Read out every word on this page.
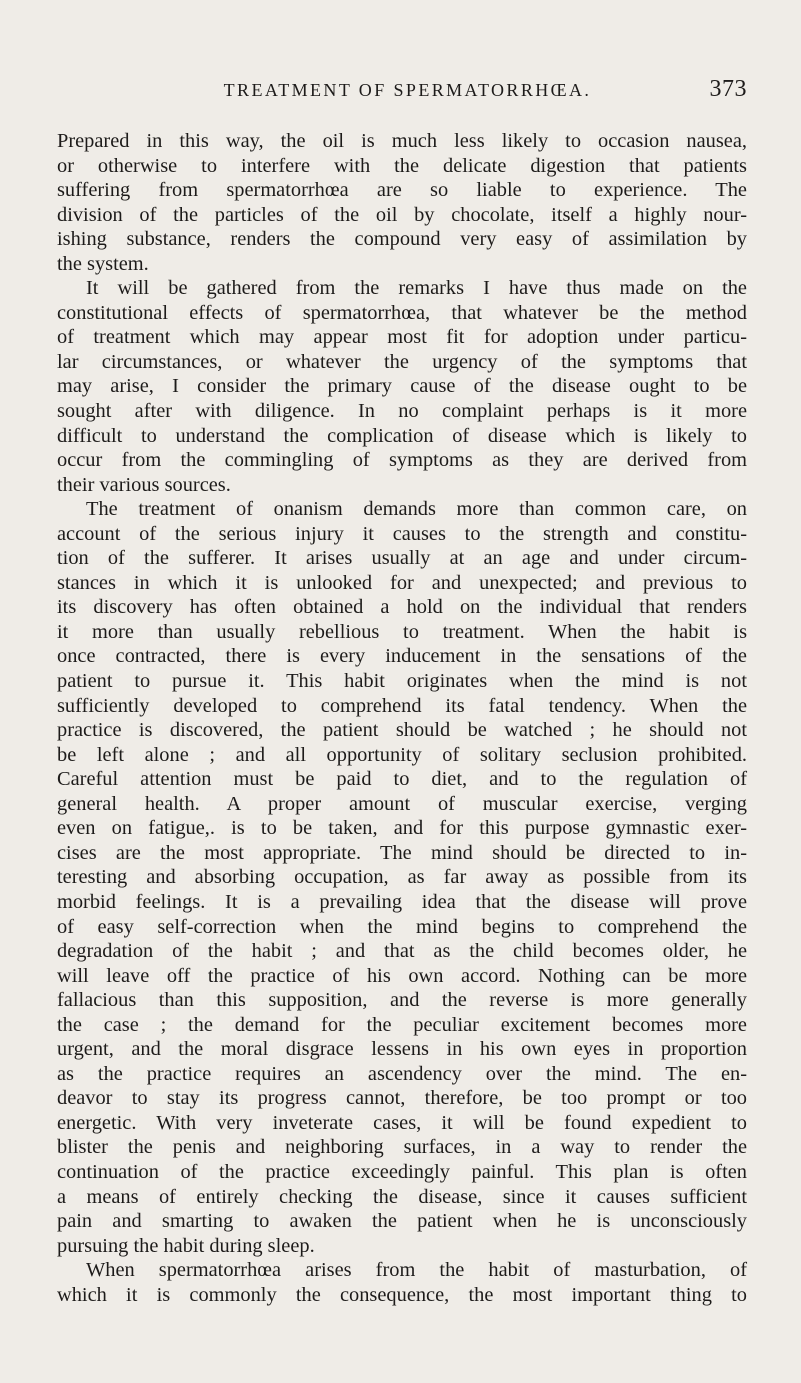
TREATMENT OF SPERMATORRHŒA.	373
Prepared in this way, the oil is much less likely to occasion nausea,
or otherwise to interfere with the delicate digestion that patients
suffering from spermatorrhœa are so liable to experience. The
division of the particles of the oil by chocolate, itself a highly nour-
ishing substance, renders the compound very easy of assimilation by
the system.
It will be gathered from the remarks I have thus made on the
constitutional effects of spermatorrhœa, that whatever be the method
of treatment which may appear most fit for adoption under particu-
lar circumstances, or whatever the urgency of the symptoms that
may arise, I consider the primary cause of the disease ought to be
sought after with diligence. In no complaint perhaps is it more
difficult to understand the complication of disease which is likely to
occur from the commingling of symptoms as they are derived from
their various sources.
The treatment of onanism demands more than common care, on
account of the serious injury it causes to the strength and constitu-
tion of the sufferer. It arises usually at an age and under circum-
stances in which it is unlooked for and unexpected; and previous to
its discovery has often obtained a hold on the individual that renders
it more than usually rebellious to treatment. When the habit is
once contracted, there is every inducement in the sensations of the
patient to pursue it. This habit originates when the mind is not
sufficiently developed to comprehend its fatal tendency. When the
practice is discovered, the patient should be watched ; he should not
be left alone ; and all opportunity of solitary seclusion prohibited.
Careful attention must be paid to diet, and to the regulation of
general health. A proper amount of muscular exercise, verging
even on fatigue,. is to be taken, and for this purpose gymnastic exer-
cises are the most appropriate. The mind should be directed to in-
teresting and absorbing occupation, as far away as possible from its
morbid feelings. It is a prevailing idea that the disease will prove
of easy self-correction when the mind begins to comprehend the
degradation of the habit ; and that as the child becomes older, he
will leave off the practice of his own accord. Nothing can be more
fallacious than this supposition, and the reverse is more generally
the case ; the demand for the peculiar excitement becomes more
urgent, and the moral disgrace lessens in his own eyes in proportion
as the practice requires an ascendency over the mind. The en-
deavor to stay its progress cannot, therefore, be too prompt or too
energetic. With very inveterate cases, it will be found expedient to
blister the penis and neighboring surfaces, in a way to render the
continuation of the practice exceedingly painful. This plan is often
a means of entirely checking the disease, since it causes sufficient
pain and smarting to awaken the patient when he is unconsciously
pursuing the habit during sleep.
When spermatorrhœa arises from the habit of masturbation, of
which it is commonly the consequence, the most important thing to
